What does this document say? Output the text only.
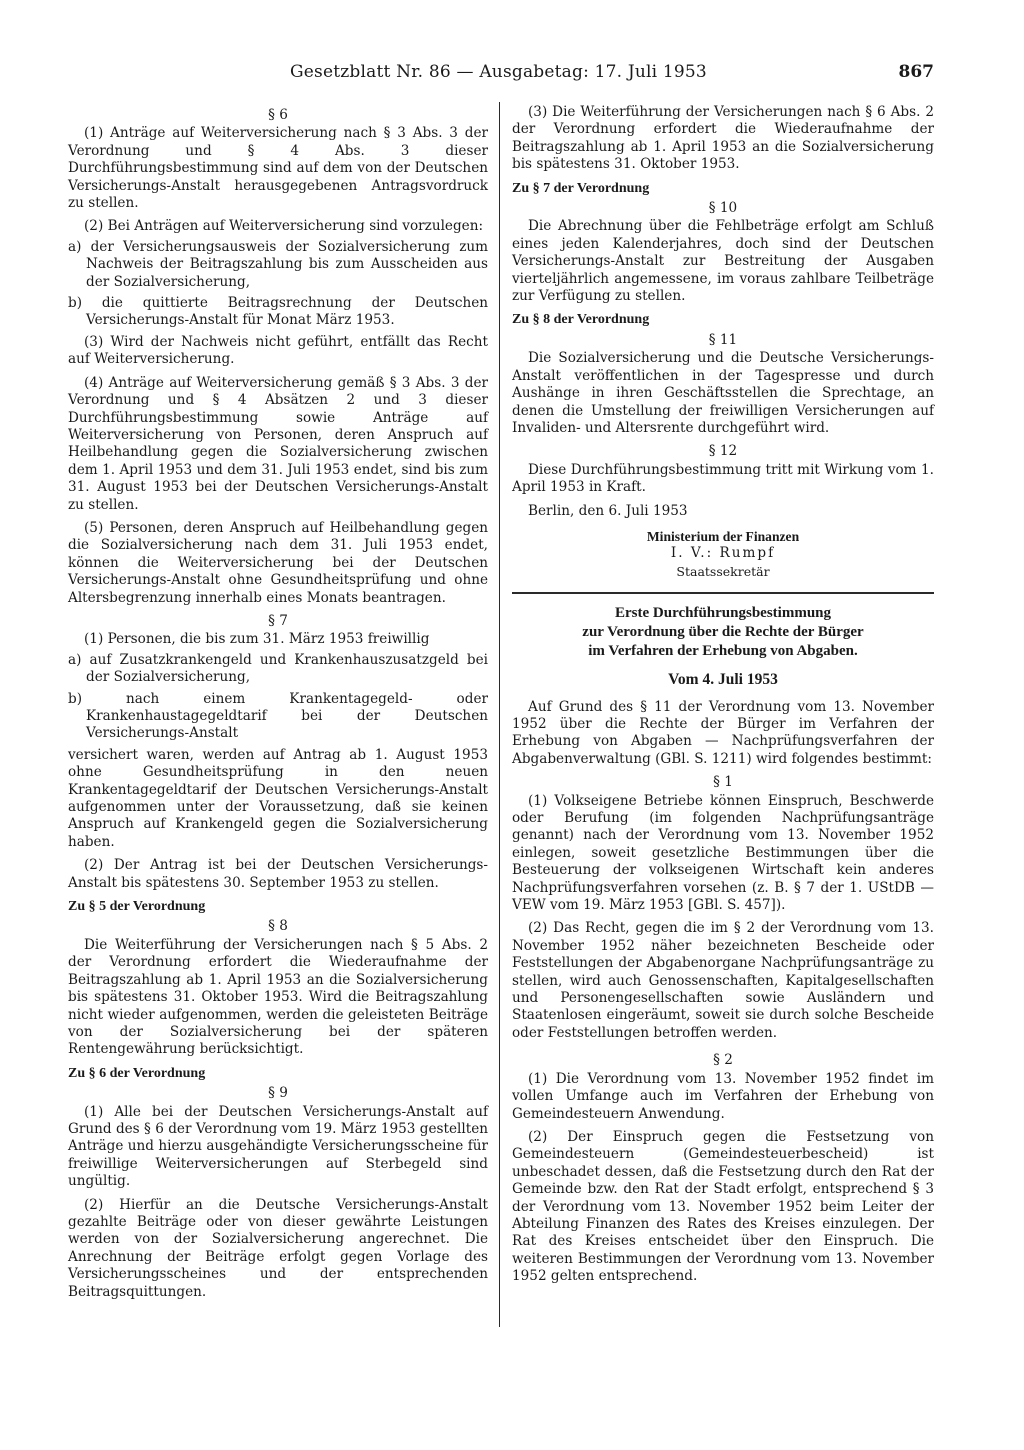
Gesetzblatt Nr. 86 — Ausgabetag: 17. Juli 1953	867
§ 6

(1) Anträge auf Weiterversicherung nach § 3 Abs. 3 der Verordnung und § 4 Abs. 3 dieser Durchführungsbestimmung sind auf dem von der Deutschen Versicherungs-Anstalt herausgegebenen Antragsvordruck zu stellen.

(2) Bei Anträgen auf Weiterversicherung sind vorzulegen:

a) der Versicherungsausweis der Sozialversicherung zum Nachweis der Beitragszahlung bis zum Ausscheiden aus der Sozialversicherung,

b) die quittierte Beitragsrechnung der Deutschen Versicherungs-Anstalt für Monat März 1953.

(3) Wird der Nachweis nicht geführt, entfällt das Recht auf Weiterversicherung.

(4) Anträge auf Weiterversicherung gemäß § 3 Abs. 3 der Verordnung und § 4 Absätzen 2 und 3 dieser Durchführungsbestimmung sowie Anträge auf Weiterversicherung von Personen, deren Anspruch auf Heilbehandlung gegen die Sozialversicherung zwischen dem 1. April 1953 und dem 31. Juli 1953 endet, sind bis zum 31. August 1953 bei der Deutschen Versicherungs-Anstalt zu stellen.

(5) Personen, deren Anspruch auf Heilbehandlung gegen die Sozialversicherung nach dem 31. Juli 1953 endet, können die Weiterversicherung bei der Deutschen Versicherungs-Anstalt ohne Gesundheitsprüfung und ohne Altersbegrenzung innerhalb eines Monats beantragen.

§ 7

(1) Personen, die bis zum 31. März 1953 freiwillig

a) auf Zusatzkrankengeld und Krankenhauszusatzgeld bei der Sozialversicherung,

b) nach einem Krankentagegeld- oder Krankenhaustagegeldtarif bei der Deutschen Versicherungs-Anstalt

versichert waren, werden auf Antrag ab 1. August 1953 ohne Gesundheitsprüfung in den neuen Krankentagegeldtarif der Deutschen Versicherungs-Anstalt aufgenommen unter der Voraussetzung, daß sie keinen Anspruch auf Krankengeld gegen die Sozialversicherung haben.

(2) Der Antrag ist bei der Deutschen Versicherungs-Anstalt bis spätestens 30. September 1953 zu stellen.

Zu § 5 der Verordnung
§ 8

Die Weiterführung der Versicherungen nach § 5 Abs. 2 der Verordnung erfordert die Wiederaufnahme der Beitragszahlung ab 1. April 1953 an die Sozialversicherung bis spätestens 31. Oktober 1953. Wird die Beitragszahlung nicht wieder aufgenommen, werden die geleisteten Beiträge von der Sozialversicherung bei der späteren Rentengewährung berücksichtigt.

Zu § 6 der Verordnung
§ 9

(1) Alle bei der Deutschen Versicherungs-Anstalt auf Grund des § 6 der Verordnung vom 19. März 1953 gestellten Anträge und hierzu ausgehändigte Versicherungsscheine für freiwillige Weiterversicherungen auf Sterbegeld sind ungültig.

(2) Hierfür an die Deutsche Versicherungs-Anstalt gezahlte Beiträge oder von dieser gewährte Leistungen werden von der Sozialversicherung angerechnet. Die Anrechnung der Beiträge erfolgt gegen Vorlage des Versicherungsscheines und der entsprechenden Beitragsquittungen.

(3) Die Weiterführung der Versicherungen nach § 6 Abs. 2 der Verordnung erfordert die Wiederaufnahme der Beitragszahlung ab 1. April 1953 an die Sozialversicherung bis spätestens 31. Oktober 1953.

Zu § 7 der Verordnung
§ 10

Die Abrechnung über die Fehlbeträge erfolgt am Schluß eines jeden Kalenderjahres, doch sind der Deutschen Versicherungs-Anstalt zur Bestreitung der Ausgaben vierteljährlich angemessene, im voraus zahlbare Teilbeträge zur Verfügung zu stellen.

Zu § 8 der Verordnung
§ 11

Die Sozialversicherung und die Deutsche Versicherungs-Anstalt veröffentlichen in der Tagespresse und durch Aushänge in ihren Geschäftsstellen die Sprechtage, an denen die Umstellung der freiwilligen Versicherungen auf Invaliden- und Altersrente durchgeführt wird.

§ 12

Diese Durchführungsbestimmung tritt mit Wirkung vom 1. April 1953 in Kraft.

Berlin, den 6. Juli 1953

Ministerium der Finanzen
I. V.: Rumpf
Staatssekretär
Erste Durchführungsbestimmung
zur Verordnung über die Rechte der Bürger
im Verfahren der Erhebung von Abgaben.
Vom 4. Juli 1953

Auf Grund des § 11 der Verordnung vom 13. November 1952 über die Rechte der Bürger im Verfahren der Erhebung von Abgaben — Nachprüfungsverfahren der Abgabenverwaltung (GBl. S. 1211) wird folgendes bestimmt:

§ 1

(1) Volkseigene Betriebe können Einspruch, Beschwerde oder Berufung (im folgenden Nachprüfungsanträge genannt) nach der Verordnung vom 13. November 1952 einlegen, soweit gesetzliche Bestimmungen über die Besteuerung der volkseigenen Wirtschaft kein anderes Nachprüfungsverfahren vorsehen (z. B. § 7 der 1. UStDB — VEW vom 19. März 1953 [GBl. S. 457]).

(2) Das Recht, gegen die im § 2 der Verordnung vom 13. November 1952 näher bezeichneten Bescheide oder Feststellungen der Abgabenorgane Nachprüfungsanträge zu stellen, wird auch Genossenschaften, Kapitalgesellschaften und Personengesellschaften sowie Ausländern und Staatenlosen eingeräumt, soweit sie durch solche Bescheide oder Feststellungen betroffen werden.

§ 2

(1) Die Verordnung vom 13. November 1952 findet im vollen Umfange auch im Verfahren der Erhebung von Gemeindesteuern Anwendung.

(2) Der Einspruch gegen die Festsetzung von Gemeindesteuern (Gemeindesteuerbescheid) ist unbeschadet dessen, daß die Festsetzung durch den Rat der Gemeinde bzw. den Rat der Stadt erfolgt, entsprechend § 3 der Verordnung vom 13. November 1952 beim Leiter der Abteilung Finanzen des Rates des Kreises einzulegen. Der Rat des Kreises entscheidet über den Einspruch. Die weiteren Bestimmungen der Verordnung vom 13. November 1952 gelten entsprechend.
